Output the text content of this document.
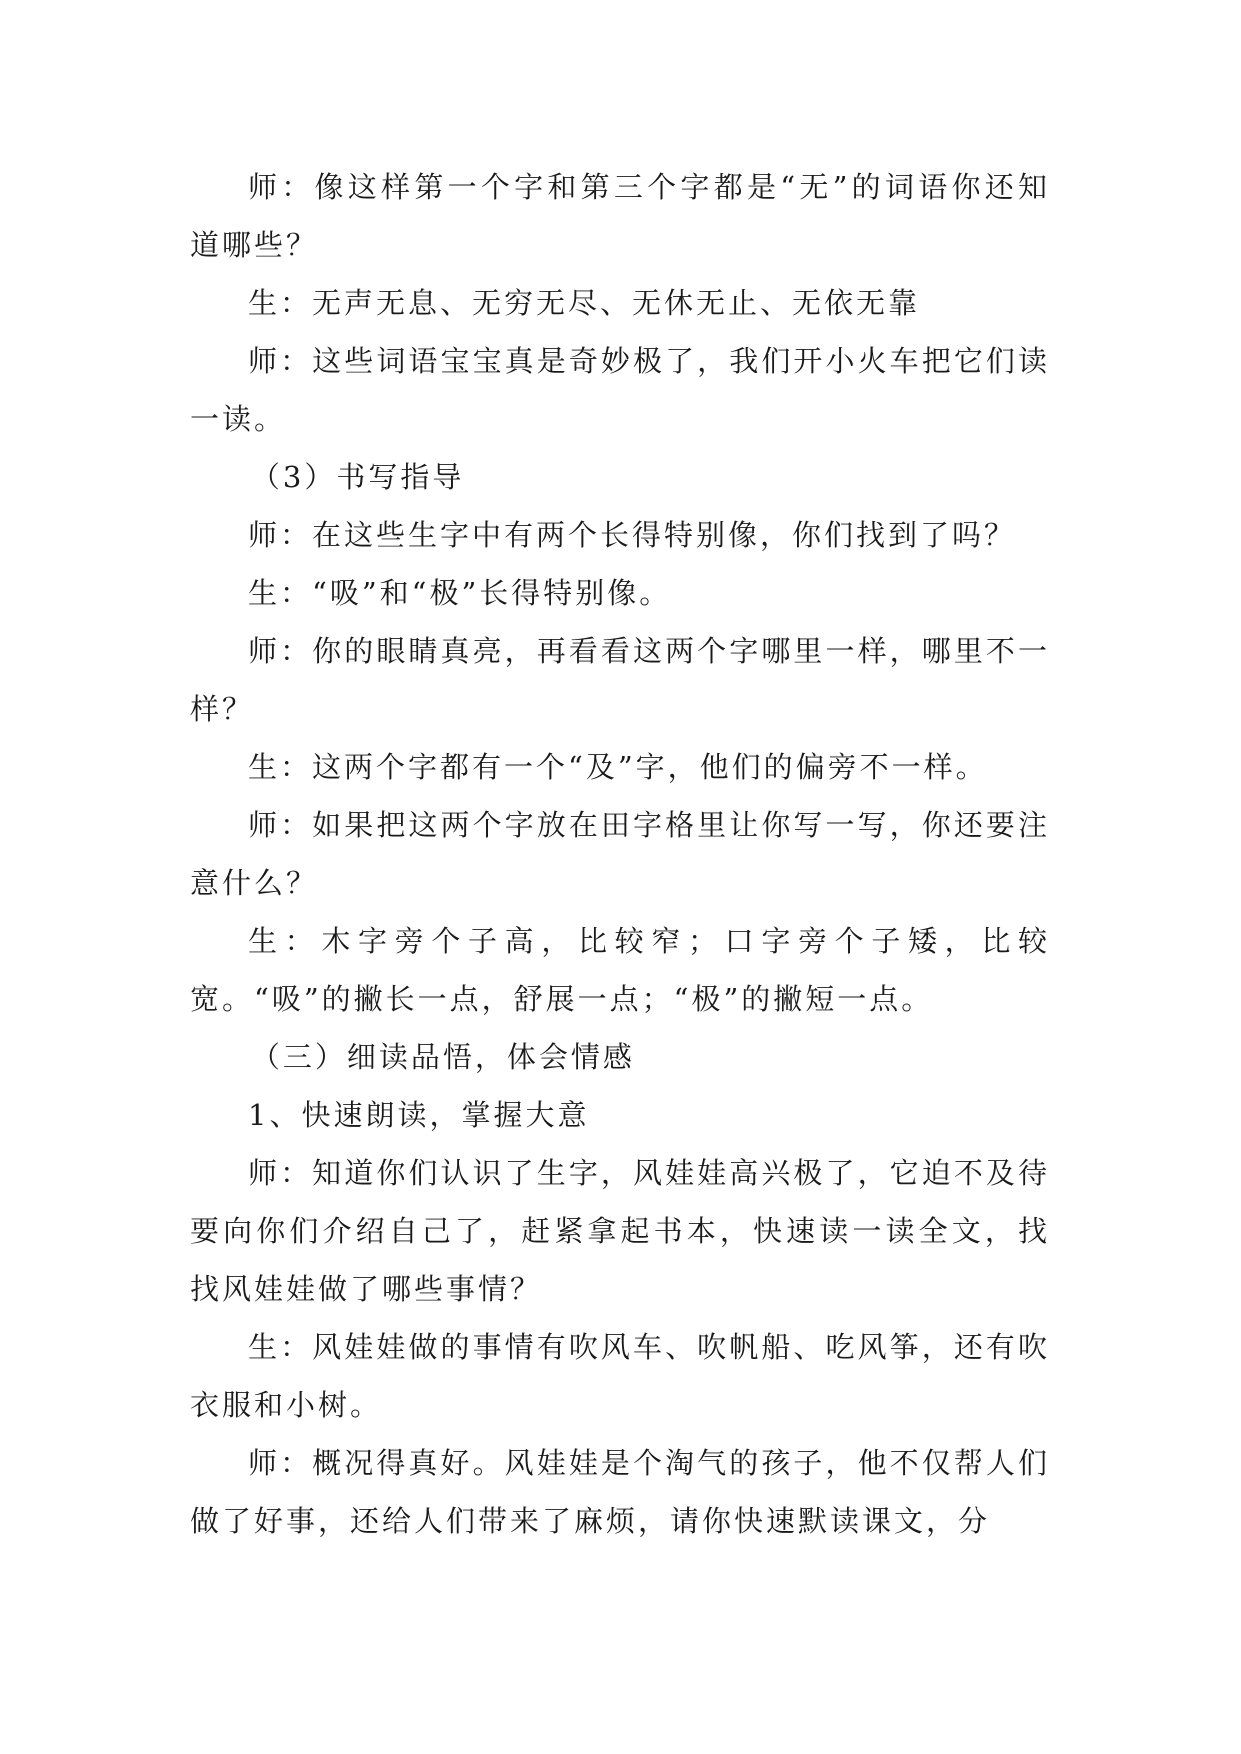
师：像这样第一个字和第三个字都是“无”的词语你还知道哪些？

生：无声无息、无穷无尽、无休无止、无依无靠

师：这些词语宝宝真是奇妙极了，我们开小火车把它们读一读。

（3）书写指导

师：在这些生字中有两个长得特别像，你们找到了吗？

生：“吸”和“极”长得特别像。

师：你的眼睛真亮，再看看这两个字哪里一样，哪里不一样？

生：这两个字都有一个“及”字，他们的偏旁不一样。

师：如果把这两个字放在田字格里让你写一写，你还要注意什么？

生：木字旁个子高，比较窄；口字旁个子矮，比较宽。“吸”的撇长一点，舒展一点；“极”的撇短一点。

（三）细读品悟，体会情感

1、快速朗读，掌握大意

师：知道你们认识了生字，风娃娃高兴极了，它迫不及待要向你们介绍自己了，赶紧拿起书本，快速读一读全文，找找风娃娃做了哪些事情？

生：风娃娃做的事情有吹风车、吹帆船、吃风筝，还有吹衣服和小树。

师：概况得真好。风娃娃是个淘气的孩子，他不仅帮人们做了好事，还给人们带来了麻烦，请你快速默读课文，分
